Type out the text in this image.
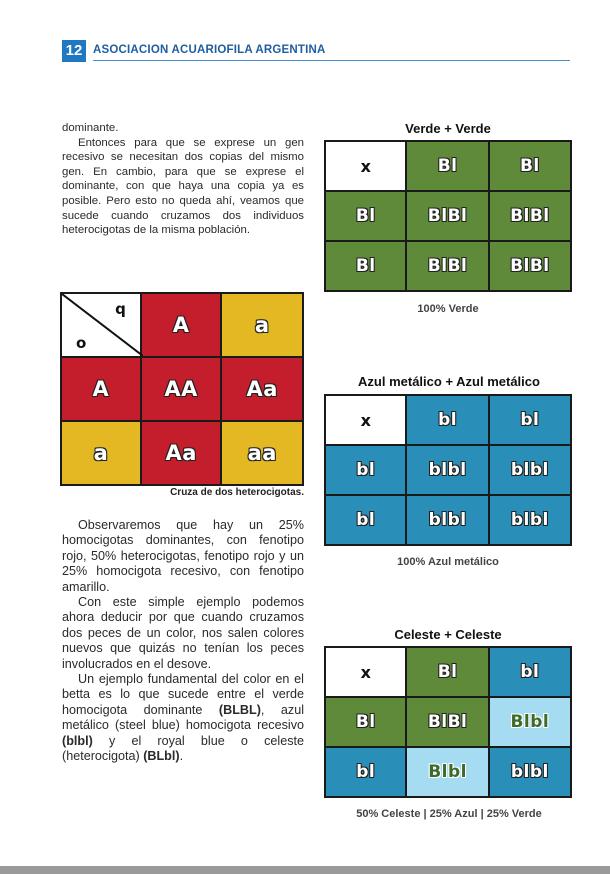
12 ASOCIACION ACUARIOFILA ARGENTINA

dominante.

Entonces para que se exprese un gen recesivo se necesitan dos copias del mismo gen. En cambio, para que se exprese el dominante, con que haya una copia ya es posible. Pero esto no queda ahí, veamos que sucede cuando cruzamos dos individuos heterocigotas de la misma población.

q
o	A	a
A	AA	Aa
a	Aa	aa
Cruza de dos heterocigotas.

Observaremos que hay un 25% homocigotas dominantes, con fenotipo rojo, 50% heterocigotas, fenotipo rojo y un 25% homocigota recesivo, con fenotipo amarillo.

Con este simple ejemplo podemos ahora deducir por que cuando cruzamos dos peces de un color, nos salen colores nuevos que quizás no tenían los peces involucrados en el desove.

Un ejemplo fundamental del color en el betta es lo que sucede entre el verde homocigota dominante (BLBL), azul metálico (steel blue) homocigota recesivo (blbl) y el royal blue o celeste (heterocigota) (BLbl).

Verde + Verde
x	Bl	Bl
Bl	BlBl	BlBl
Bl	BlBl	BlBl
100% Verde
Azul metálico + Azul metálico
x	bl	bl
bl	blbl	blbl
bl	blbl	blbl
100% Azul metálico
Celeste + Celeste
x	Bl	bl
Bl	BlBl	Blbl
bl	Blbl	blbl
50% Celeste | 25% Azul | 25% Verde
